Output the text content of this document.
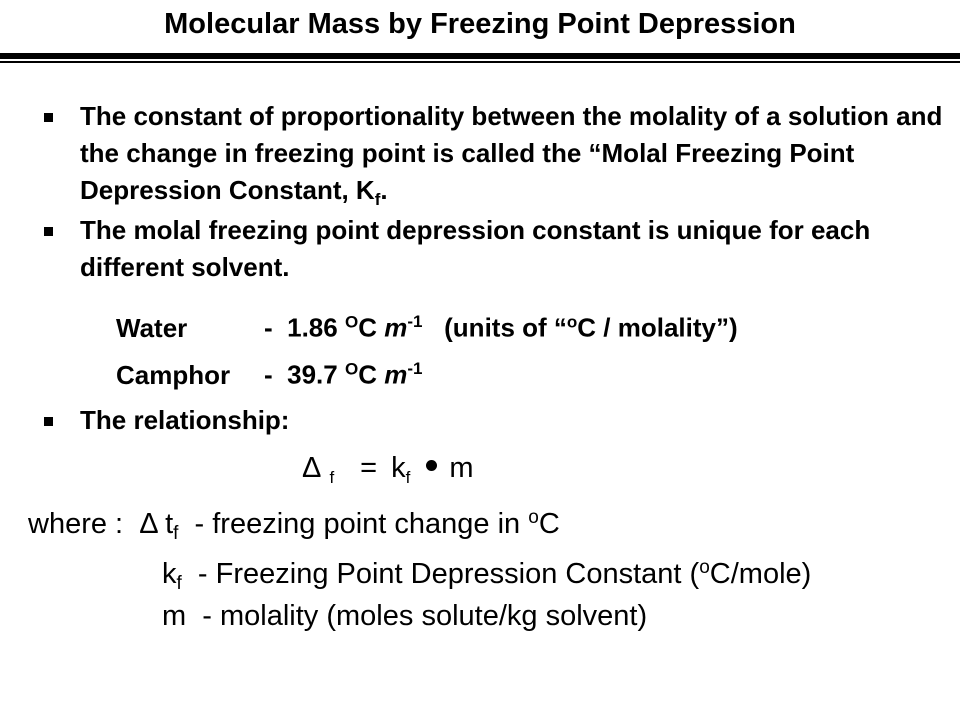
Molecular Mass by Freezing Point Depression
The constant of proportionality between the molality of a solution and the change in freezing point is called the “Molal Freezing Point Depression Constant, $K_f$.
The molal freezing point depression constant is unique for each different solvent.
Water	- 1.86 $^O$C $m^{-1}$ (units of “$^o$C / molality”)
Camphor - 39.7 $^O$C $m^{-1}$
The relationship:
Δ $_f = k_f$ m
where : Δ $t_f$ - freezing point change in $^o$C
$k_f$ - Freezing Point Depression Constant ($^o$C/mole)
m - molality (moles solute/kg solvent)
